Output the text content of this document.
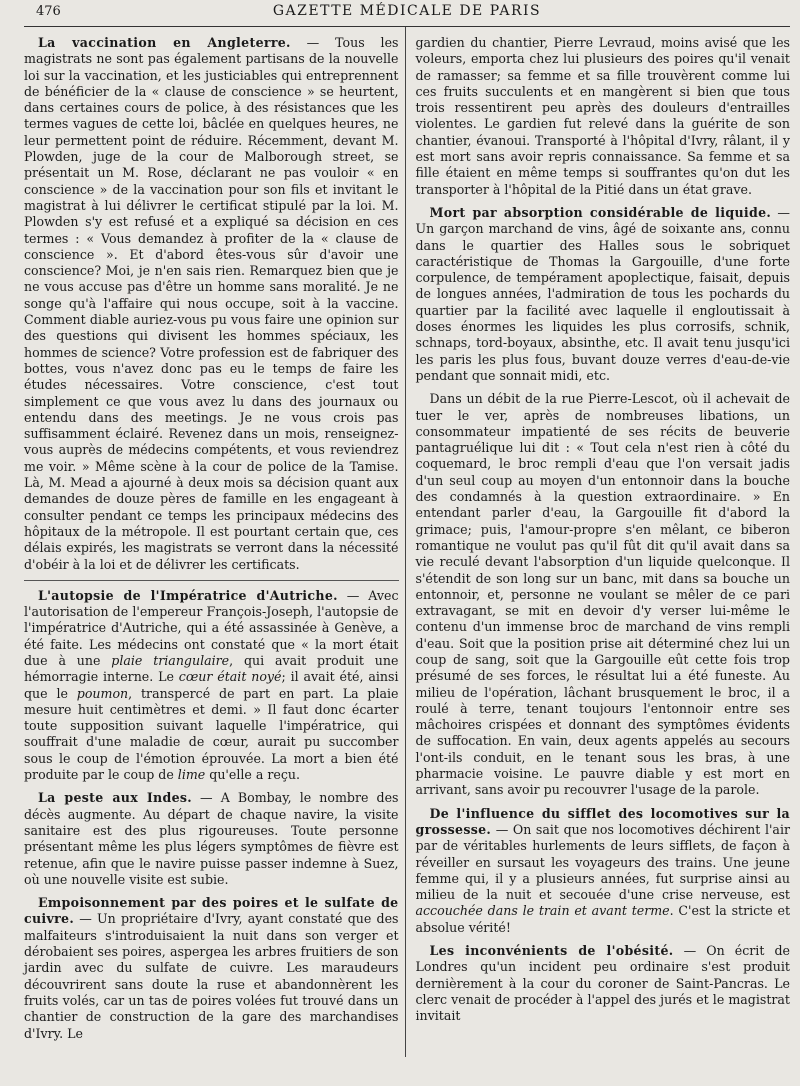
476	GAZETTE MÉDICALE DE PARIS

La vaccination en Angleterre. — Tous les magistrats ne sont pas également partisans de la nouvelle loi sur la vaccination, et les justiciables qui entreprennent de bénéficier de la « clause de conscience » se heurtent, dans certaines cours de police, à des résistances que les termes vagues de cette loi, bâclée en quelques heures, ne leur permettent point de réduire. Récemment, devant M. Plowden, juge de la cour de Malborough street, se présentait un M. Rose, déclarant ne pas vouloir « en conscience » de la vaccination pour son fils et invitant le magistrat à lui délivrer le certificat stipulé par la loi. M. Plowden s'y est refusé et a expliqué sa décision en ces termes : « Vous demandez à profiter de la « clause de conscience ». Et d'abord êtes-vous sûr d'avoir une conscience? Moi, je n'en sais rien. Remarquez bien que je ne vous accuse pas d'être un homme sans moralité. Je ne songe qu'à l'affaire qui nous occupe, soit à la vaccine. Comment diable auriez-vous pu vous faire une opinion sur des questions qui divisent les hommes spéciaux, les hommes de science? Votre profession est de fabriquer des bottes, vous n'avez donc pas eu le temps de faire les études nécessaires. Votre conscience, c'est tout simplement ce que vous avez lu dans des journaux ou entendu dans des meetings. Je ne vous crois pas suffisamment éclairé. Revenez dans un mois, renseignez-vous auprès de médecins compétents, et vous reviendrez me voir. » Même scène à la cour de police de la Tamise. Là, M. Mead a ajourné à deux mois sa décision quant aux demandes de douze pères de famille en les engageant à consulter pendant ce temps les principaux médecins des hôpitaux de la métropole. Il est pourtant certain que, ces délais expirés, les magistrats se verront dans la nécessité d'obéir à la loi et de délivrer les certificats.

L'autopsie de l'Impératrice d'Autriche. — Avec l'autorisation de l'empereur François-Joseph, l'autopsie de l'impératrice d'Autriche, qui a été assassinée à Genève, a été faite. Les médecins ont constaté que « la mort était due à une plaie triangulaire, qui avait produit une hémorragie interne. Le cœur était noyé; il avait été, ainsi que le poumon, transpercé de part en part. La plaie mesure huit centimètres et demi. » Il faut donc écarter toute supposition suivant laquelle l'impératrice, qui souffrait d'une maladie de cœur, aurait pu succomber sous le coup de l'émotion éprouvée. La mort a bien été produite par le coup de lime qu'elle a reçu.

La peste aux Indes. — A Bombay, le nombre des décès augmente. Au départ de chaque navire, la visite sanitaire est des plus rigoureuses. Toute personne présentant même les plus légers symptômes de fièvre est retenue, afin que le navire puisse passer indemne à Suez, où une nouvelle visite est subie.

Empoisonnement par des poires et le sulfate de cuivre. — Un propriétaire d'Ivry, ayant constaté que des malfaiteurs s'introduisaient la nuit dans son verger et dérobaient ses poires, aspergea les arbres fruitiers de son jardin avec du sulfate de cuivre. Les maraudeurs découvrirent sans doute la ruse et abandonnèrent les fruits volés, car un tas de poires volées fut trouvé dans un chantier de construction de la gare des marchandises d'Ivry. Le

gardien du chantier, Pierre Levraud, moins avisé que les voleurs, emporta chez lui plusieurs des poires qu'il venait de ramasser; sa femme et sa fille trouvèrent comme lui ces fruits succulents et en mangèrent si bien que tous trois ressentirent peu après des douleurs d'entrailles violentes. Le gardien fut relevé dans la guérite de son chantier, évanoui. Transporté à l'hôpital d'Ivry, râlant, il y est mort sans avoir repris connaissance. Sa femme et sa fille étaient en même temps si souffrantes qu'on dut les transporter à l'hôpital de la Pitié dans un état grave.

Mort par absorption considérable de liquide. — Un garçon marchand de vins, âgé de soixante ans, connu dans le quartier des Halles sous le sobriquet caractéristique de Thomas la Gargouille, d'une forte corpulence, de tempérament apoplectique, faisait, depuis de longues années, l'admiration de tous les pochards du quartier par la facilité avec laquelle il engloutissait à doses énormes les liquides les plus corrosifs, schnik, schnaps, tord-boyaux, absinthe, etc. Il avait tenu jusqu'ici les paris les plus fous, buvant douze verres d'eau-de-vie pendant que sonnait midi, etc.

Dans un débit de la rue Pierre-Lescot, où il achevait de tuer le ver, après de nombreuses libations, un consommateur impatienté de ses récits de beuverie pantagruélique lui dit : « Tout cela n'est rien à côté du coquemard, le broc rempli d'eau que l'on versait jadis d'un seul coup au moyen d'un entonnoir dans la bouche des condamnés à la question extraordinaire. » En entendant parler d'eau, la Gargouille fit d'abord la grimace; puis, l'amour-propre s'en mêlant, ce biberon romantique ne voulut pas qu'il fût dit qu'il avait dans sa vie reculé devant l'absorption d'un liquide quelconque. Il s'étendit de son long sur un banc, mit dans sa bouche un entonnoir, et, personne ne voulant se mêler de ce pari extravagant, se mit en devoir d'y verser lui-même le contenu d'un immense broc de marchand de vins rempli d'eau. Soit que la position prise ait déterminé chez lui un coup de sang, soit que la Gargouille eût cette fois trop présumé de ses forces, le résultat lui a été funeste. Au milieu de l'opération, lâchant brusquement le broc, il a roulé à terre, tenant toujours l'entonnoir entre ses mâchoires crispées et donnant des symptômes évidents de suffocation. En vain, deux agents appelés au secours l'ont-ils conduit, en le tenant sous les bras, à une pharmacie voisine. Le pauvre diable y est mort en arrivant, sans avoir pu recouvrer l'usage de la parole.

De l'influence du sifflet des locomotives sur la grossesse. — On sait que nos locomotives déchirent l'air par de véritables hurlements de leurs sifflets, de façon à réveiller en sursaut les voyageurs des trains. Une jeune femme qui, il y a plusieurs années, fut surprise ainsi au milieu de la nuit et secouée d'une crise nerveuse, est accouchée dans le train et avant terme. C'est la stricte et absolue vérité!

Les inconvénients de l'obésité. — On écrit de Londres qu'un incident peu ordinaire s'est produit dernièrement à la cour du coroner de Saint-Pancras. Le clerc venait de procéder à l'appel des jurés et le magistrat invitait
